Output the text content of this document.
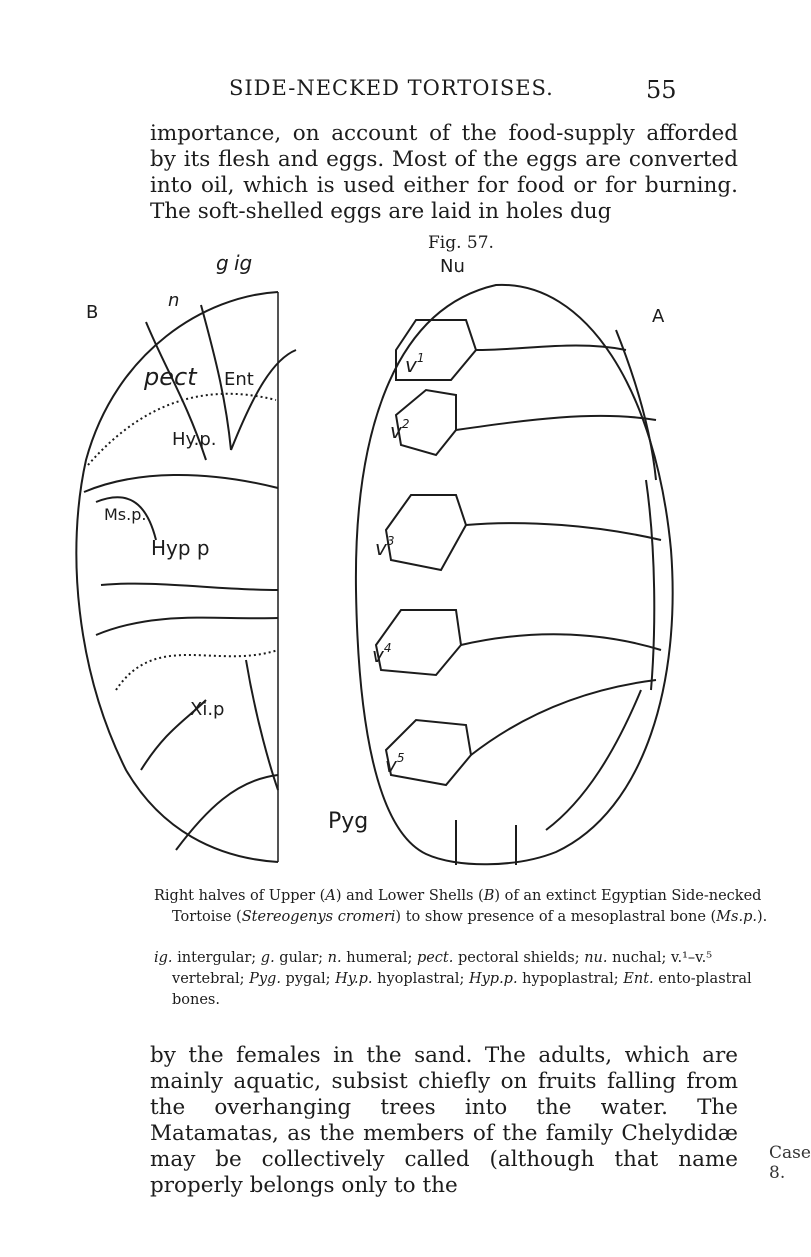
SIDE-NECKED TORTOISES.	55

importance, on account of the food-supply afforded by its flesh and eggs. Most of the eggs are converted into oil, which is used either for food or for burning. The soft-shelled eggs are laid in holes dug

Fig. 57.
B	A
g ig
n
pect Ent
Hy.p.
Ms.p.
Hyp p
Xi.p
Nu
$v^1$
$v^2$
$v^3$
$v^4$
$v^5$
Pyg

Right halves of Upper (A) and Lower Shells (B) of an extinct Egyptian Side-necked Tortoise (Stereogenys cromeri) to show presence of a mesoplastral bone (Ms.p.).

ig. intergular; g. gular; n. humeral; pect. pectoral shields; nu. nuchal; v.¹–v.⁵ vertebral; Pyg. pygal; Hy.p. hyoplastral; Hyp.p. hypoplastral; Ent. ento-plastral bones.

by the females in the sand. The adults, which are mainly aquatic, subsist chiefly on fruits falling from the overhanging trees into the water. The Matamatas, as the members of the family Chelydidæ may be collectively called (although that name properly belongs only to the

Case 8.
